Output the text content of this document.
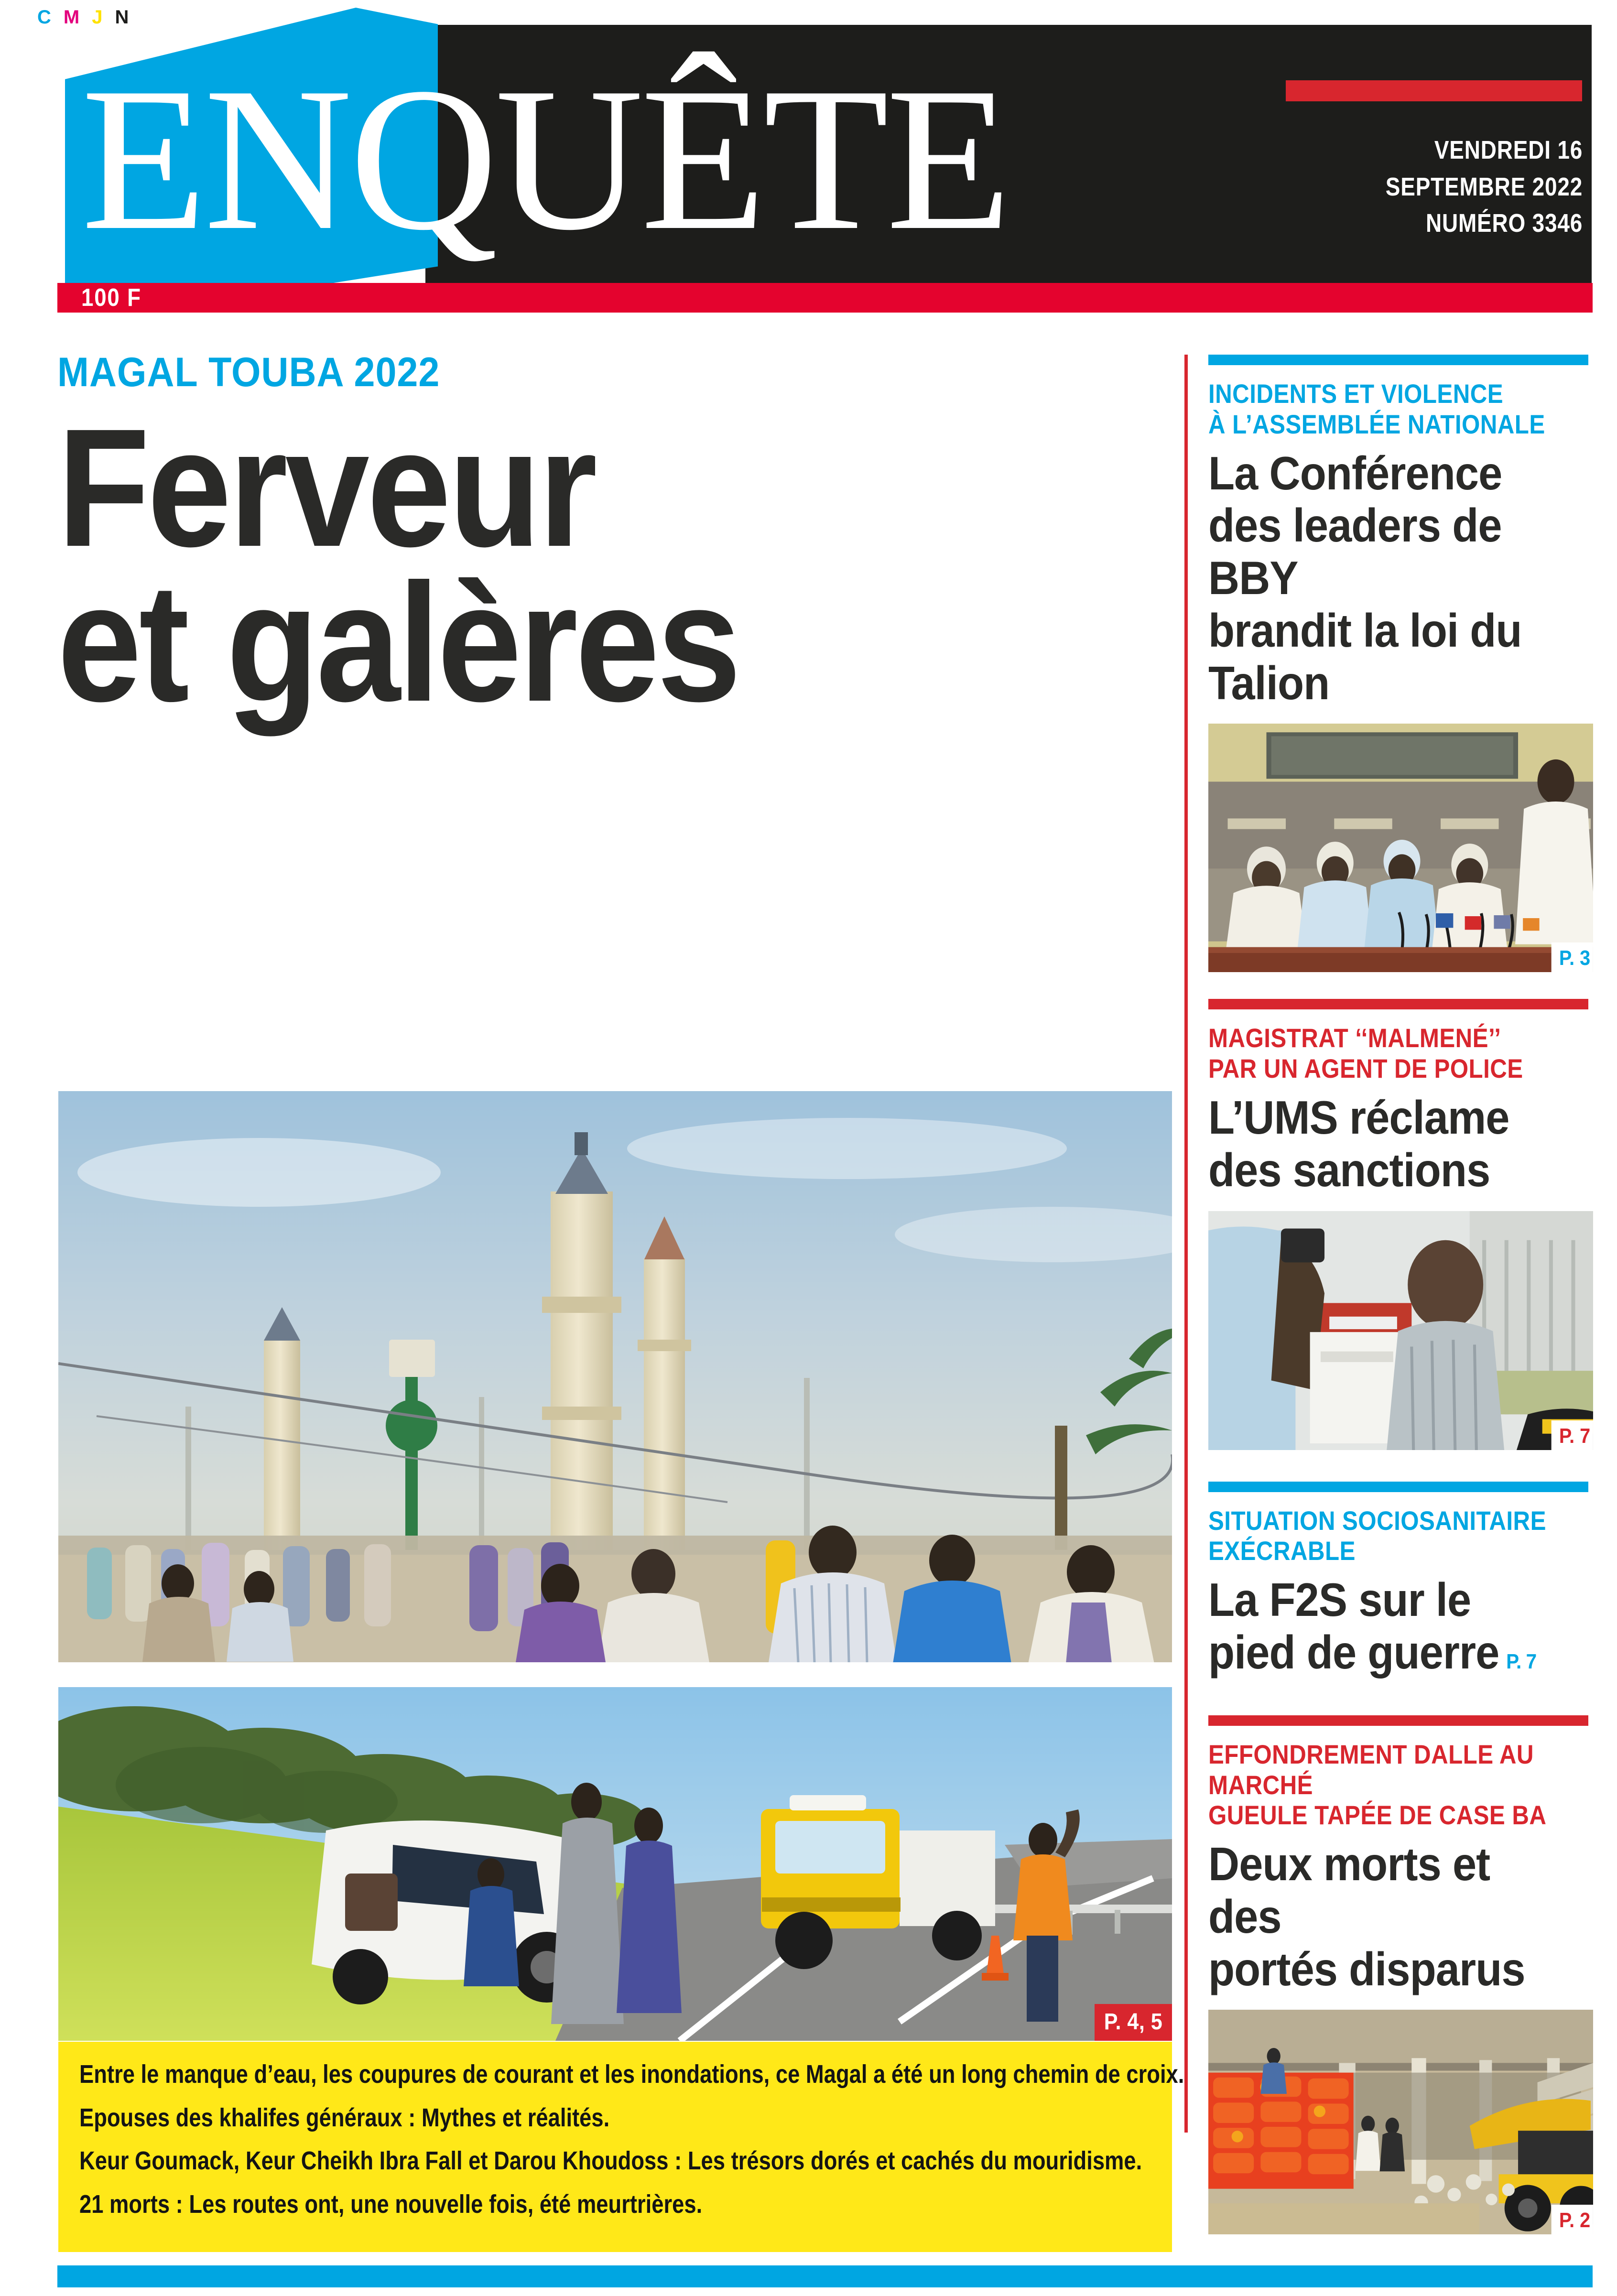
C M J N
ENQUÊTE	VENDREDI 16
SEPTEMBRE 2022
NUMÉRO 3346
100 F
MAGAL TOUBA 2022
Ferveur
et galères
P. 4, 5

Entre le manque d’eau, les coupures de courant et les inondations, ce Magal a été un long chemin de croix.

Epouses des khalifes généraux : Mythes et réalités.

Keur Goumack, Keur Cheikh Ibra Fall et Darou Khoudoss : Les trésors dorés et cachés du mouridisme.

21 morts : Les routes ont, une nouvelle fois, été meurtrières.

INCIDENTS ET VIOLENCE
À L’ASSEMBLÉE NATIONALE
La Conférence
des leaders de BBY
brandit la loi du Talion
P. 3
MAGISTRAT ‘‘MALMENÉ’’
PAR UN AGENT DE POLICE
L’UMS réclame
des sanctions
P. 7
SITUATION SOCIOSANITAIRE
EXÉCRABLE
La F2S sur le
pied de guerre P. 7
EFFONDREMENT DALLE AU MARCHÉ
GUEULE TAPÉE DE CASE BA
Deux morts et des
portés disparus
P. 2
